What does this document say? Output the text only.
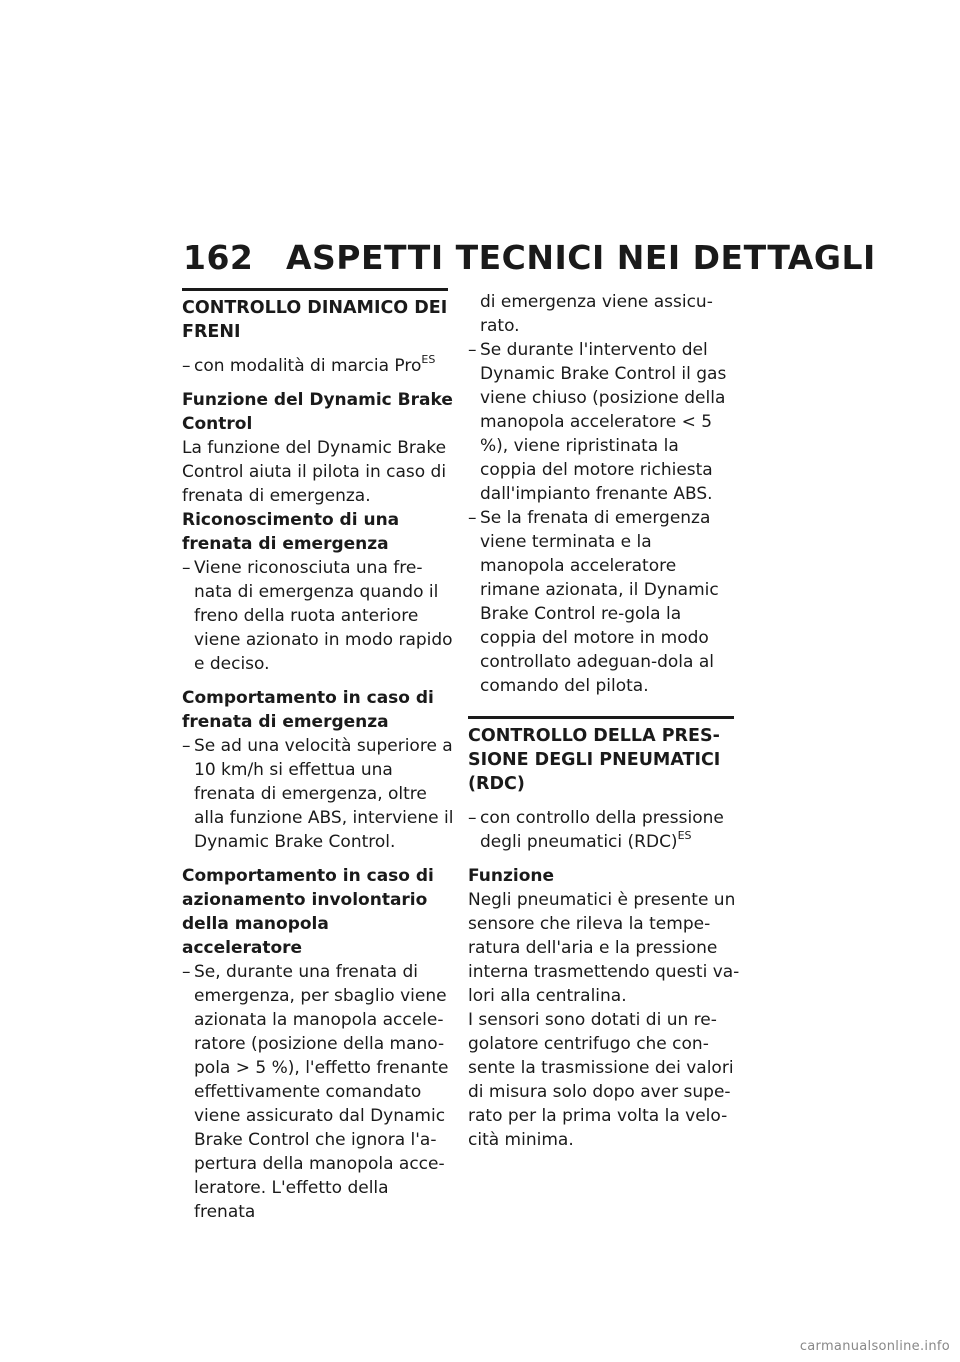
162 ASPETTI TECNICI NEI DETTAGLI
CONTROLLO DINAMICO DEI FRENI
– con modalità di marcia Pro$^{ES}$
Funzione del Dynamic Brake Control
La funzione del Dynamic Brake Control aiuta il pilota in caso di frenata di emergenza.
Riconoscimento di una frenata di emergenza
– Viene riconosciuta una fre-nata di emergenza quando il freno della ruota anteriore viene azionato in modo rapido e deciso.
Comportamento in caso di frenata di emergenza
– Se ad una velocità superiore a 10 km/h si effettua una frenata di emergenza, oltre alla funzione ABS, interviene il Dynamic Brake Control.
Comportamento in caso di azionamento involontario della manopola acceleratore
– Se, durante una frenata di emergenza, per sbaglio viene azionata la manopola accele-ratore (posizione della mano-pola > 5 %), l'effetto frenante effettivamente comandato viene assicurato dal Dynamic Brake Control che ignora l'a-pertura della manopola acce-leratore. L'effetto della frenata
di emergenza viene assicu-rato.
– Se durante l'intervento del Dynamic Brake Control il gas viene chiuso (posizione della manopola acceleratore < 5 %), viene ripristinata la coppia del motore richiesta dall'impianto frenante ABS.
– Se la frenata di emergenza viene terminata e la manopola acceleratore rimane azionata, il Dynamic Brake Control re-gola la coppia del motore in modo controllato adeguan-dola al comando del pilota.
CONTROLLO DELLA PRES-SIONE DEGLI PNEUMATICI (RDC)
– con controllo della pressione degli pneumatici (RDC)$^{ES}$
Funzione
Negli pneumatici è presente un sensore che rileva la tempe-ratura dell'aria e la pressione interna trasmettendo questi va-lori alla centralina.
I sensori sono dotati di un re-golatore centrifugo che con-sente la trasmissione dei valori di misura solo dopo aver supe-rato per la prima volta la velo-cità minima.
carmanualsonline.info
